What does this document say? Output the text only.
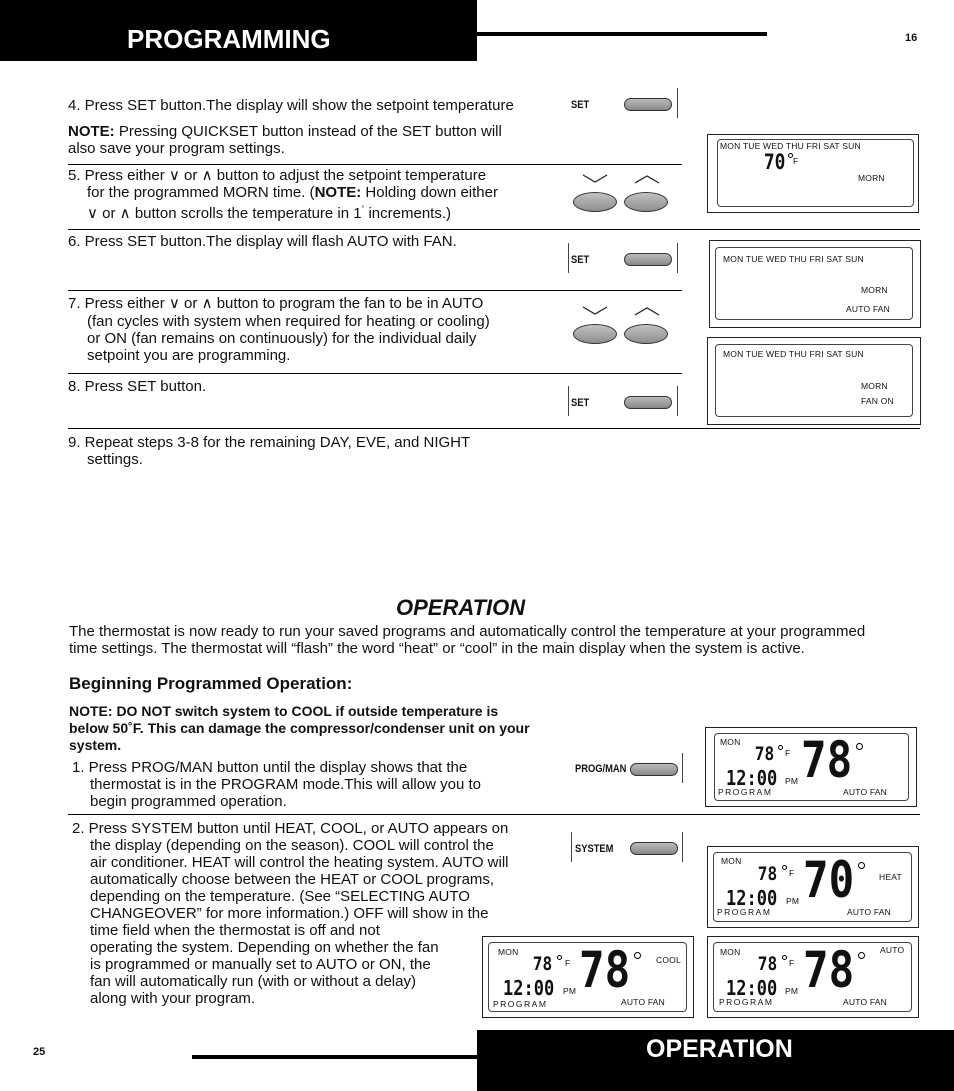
PROGRAMMING	16
4. Press SET button.The display will show the setpoint temperature
NOTE: Pressing QUICKSET button instead of the SET button will
also save your program settings.
SET
MON TUE WED THU FRI SAT SUN
70 F
MORN
5. Press either ∨ or ∧ button to adjust the setpoint temperature
for the programmed MORN time. (NOTE: Holding down either
∨ or ∧ button scrolls the temperature in 1˚ increments.)
6. Press SET button.The display will flash AUTO with FAN.
SET	MON TUE WED THU FRI SAT SUN
MORN
AUTO FAN
7. Press either ∨ or ∧ button to program the fan to be in AUTO
(fan cycles with system when required for heating or cooling)
or ON (fan remains on continuously) for the individual daily
setpoint you are programming.	MON TUE WED THU FRI SAT SUN
MORN
FAN ON
8. Press SET button.
SET
9. Repeat steps 3-8 for the remaining DAY, EVE, and NIGHT
settings.
OPERATION
The thermostat is now ready to run your saved programs and automatically control the temperature at your programmed
time settings. The thermostat will “flash” the word “heat” or “cool” in the main display when the system is active.
Beginning Programmed Operation:
NOTE: DO NOT switch system to COOL if outside temperature is
below 50˚F. This can damage the compressor/condenser unit on your
system.
1. Press PROG/MAN button until the display shows that the
thermostat is in the PROGRAM mode.This will allow you to
begin programmed operation.
PROG/MAN
MON
78 F
12:00 PM 78
PROGRAM	AUTO FAN
2. Press SYSTEM button until HEAT, COOL, or AUTO appears on
the display (depending on the season). COOL will control the
air conditioner. HEAT will control the heating system. AUTO will
automatically choose between the HEAT or COOL programs,
depending on the temperature. (See “SELECTING AUTO
CHANGEOVER” for more information.) OFF will show in the
time field when the thermostat is off and not
operating the system. Depending on whether the fan
is programmed or manually set to AUTO or ON, the
fan will automatically run (with or without a delay)
along with your program.
SYSTEM
MON
78 F
12:00 PM 70	HEAT
PROGRAM	AUTO FAN
MON
78 F
12:00 PM 78	COOL
PROGRAM	AUTO FAN
MON
78 F
12:00 PM 78	AUTO
PROGRAM	AUTO FAN
25	OPERATION
